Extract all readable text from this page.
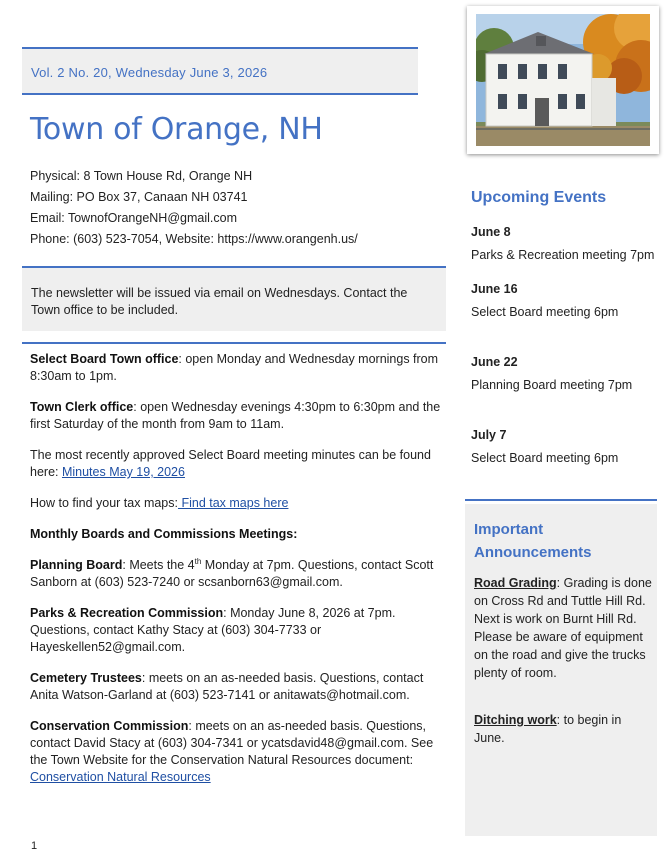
Vol. 2 No. 20, Wednesday June 3, 2026
Town of Orange, NH
Physical: 8 Town House Rd, Orange NH
Mailing: PO Box 37, Canaan NH 03741
Email: TownofOrangeNH@gmail.com
Phone: (603) 523-7054, Website: https://www.orangenh.us/
The newsletter will be issued via email on Wednesdays. Contact the Town office to be included.

Select Board Town office: open Monday and Wednesday mornings from 8:30am to 1pm.

Town Clerk office: open Wednesday evenings 4:30pm to 6:30pm and the first Saturday of the month from 9am to 11am.

The most recently approved Select Board meeting minutes can be found here: Minutes May 19, 2026

How to find your tax maps: Find tax maps here

Monthly Boards and Commissions Meetings:

Planning Board: Meets the 4th Monday at 7pm. Questions, contact Scott Sanborn at (603) 523-7240 or scsanborn63@gmail.com.

Parks & Recreation Commission: Monday June 8, 2026 at 7pm. Questions, contact Kathy Stacy at (603) 304-7733 or Hayeskellen52@gmail.com.

Cemetery Trustees: meets on an as-needed basis. Questions, contact Anita Watson-Garland at (603) 523-7141 or anitawats@hotmail.com.

Conservation Commission: meets on an as-needed basis. Questions, contact David Stacy at (603) 304-7341 or ycatsdavid48@gmail.com. See the Town Website for the Conservation Natural Resources document: Conservation Natural Resources

1
Upcoming Events
June 8
Parks & Recreation meeting 7pm
June 16
Select Board meeting 6pm
June 22
Planning Board meeting 7pm
July 7
Select Board meeting 6pm
Important Announcements
Road Grading: Grading is done on Cross Rd and Tuttle Hill Rd. Next is work on Burnt Hill Rd. Please be aware of equipment on the road and give the trucks plenty of room.
Ditching work: to begin in June.
